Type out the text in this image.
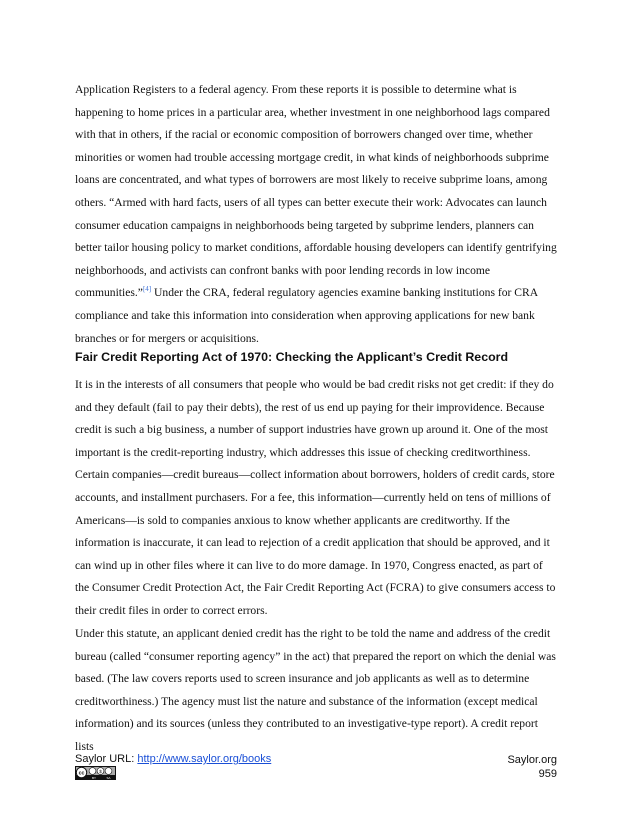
Application Registers to a federal agency. From these reports it is possible to determine what is happening to home prices in a particular area, whether investment in one neighborhood lags compared with that in others, if the racial or economic composition of borrowers changed over time, whether minorities or women had trouble accessing mortgage credit, in what kinds of neighborhoods subprime loans are concentrated, and what types of borrowers are most likely to receive subprime loans, among others. “Armed with hard facts, users of all types can better execute their work: Advocates can launch consumer education campaigns in neighborhoods being targeted by subprime lenders, planners can better tailor housing policy to market conditions, affordable housing developers can identify gentrifying neighborhoods, and activists can confront banks with poor lending records in low income communities.”[4] Under the CRA, federal regulatory agencies examine banking institutions for CRA compliance and take this information into consideration when approving applications for new bank branches or for mergers or acquisitions.

Fair Credit Reporting Act of 1970: Checking the Applicant’s Credit Record

It is in the interests of all consumers that people who would be bad credit risks not get credit: if they do and they default (fail to pay their debts), the rest of us end up paying for their improvidence. Because credit is such a big business, a number of support industries have grown up around it. One of the most important is the credit-reporting industry, which addresses this issue of checking creditworthiness. Certain companies—credit bureaus—collect information about borrowers, holders of credit cards, store accounts, and installment purchasers. For a fee, this information—currently held on tens of millions of Americans—is sold to companies anxious to know whether applicants are creditworthy. If the information is inaccurate, it can lead to rejection of a credit application that should be approved, and it can wind up in other files where it can live to do more damage. In 1970, Congress enacted, as part of the Consumer Credit Protection Act, the Fair Credit Reporting Act (FCRA) to give consumers access to their credit files in order to correct errors.

Under this statute, an applicant denied credit has the right to be told the name and address of the credit bureau (called “consumer reporting agency” in the act) that prepared the report on which the denial was based. (The law covers reports used to screen insurance and job applicants as well as to determine creditworthiness.) The agency must list the nature and substance of the information (except medical information) and its sources (unless they contributed to an investigative-type report). A credit report lists

Saylor URL: http://www.saylor.org/books
cc	$
BY	SA
Saylor.org
959
